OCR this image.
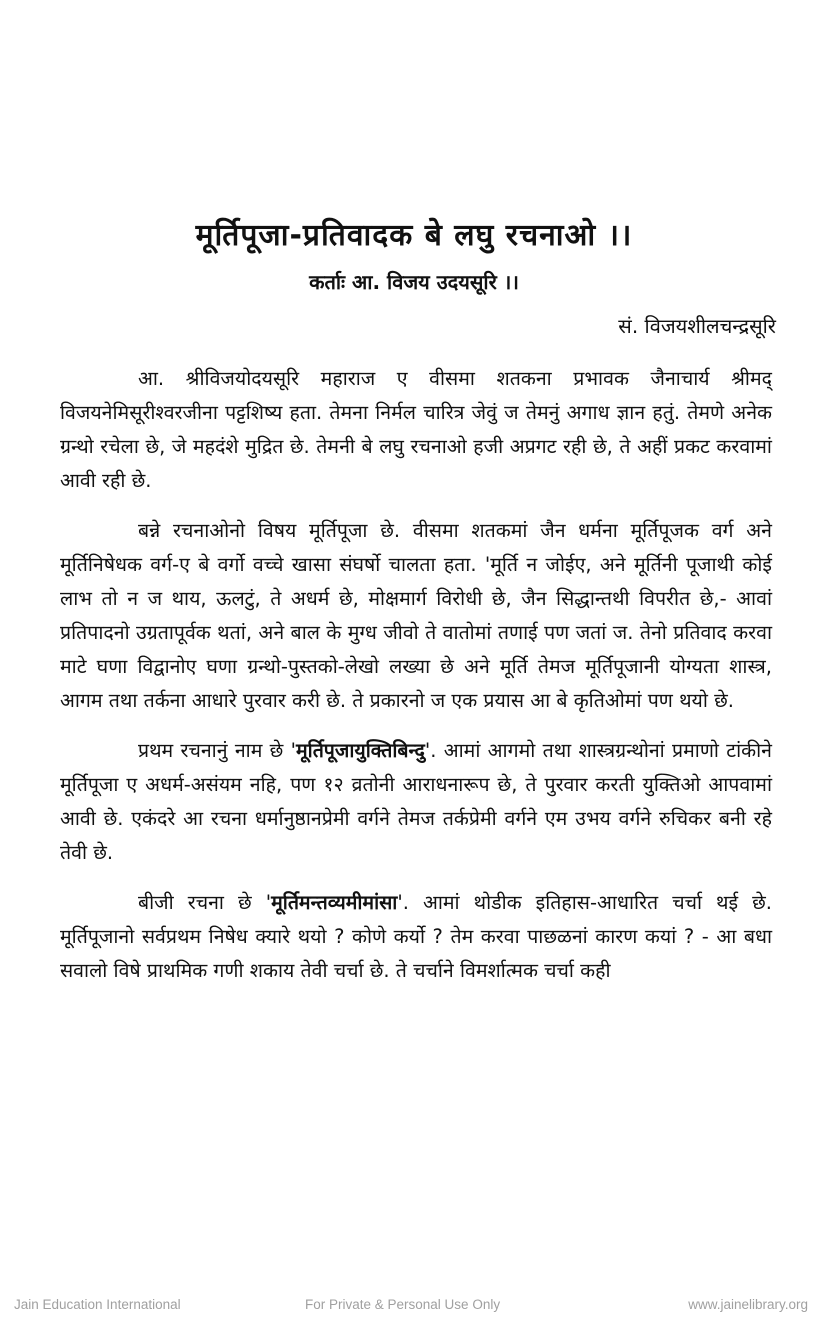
मूर्तिपूजा-प्रतिवादक बे लघु रचनाओ ।।
कर्ताः आ. विजय उदयसूरि ।।
सं. विजयशीलचन्द्रसूरि

आ. श्रीविजयोदयसूरि महाराज ए वीसमा शतकना प्रभावक जैनाचार्य श्रीमद् विजयनेमिसूरीश्वरजीना पट्टशिष्य हता. तेमना निर्मल चारित्र जेवुं ज तेमनुं अगाध ज्ञान हतुं. तेमणे अनेक ग्रन्थो रचेला छे, जे महदंशे मुद्रित छे. तेमनी बे लघु रचनाओ हजी अप्रगट रही छे, ते अहीं प्रकट करवामां आवी रही छे.

बन्ने रचनाओनो विषय मूर्तिपूजा छे. वीसमा शतकमां जैन धर्मना मूर्तिपूजक वर्ग अने मूर्तिनिषेधक वर्ग-ए बे वर्गो वच्चे खासा संघर्षो चालता हता. 'मूर्ति न जोईए, अने मूर्तिनी पूजाथी कोई लाभ तो न ज थाय, ऊलटुं, ते अधर्म छे, मोक्षमार्ग विरोधी छे, जैन सिद्धान्तथी विपरीत छे,- आवां प्रतिपादनो उग्रतापूर्वक थतां, अने बाल के मुग्ध जीवो ते वातोमां तणाई पण जतां ज. तेनो प्रतिवाद करवा माटे घणा विद्वानोए घणा ग्रन्थो-पुस्तको-लेखो लख्या छे अने मूर्ति तेमज मूर्तिपूजानी योग्यता शास्त्र, आगम तथा तर्कना आधारे पुरवार करी छे. ते प्रकारनो ज एक प्रयास आ बे कृतिओमां पण थयो छे.

प्रथम रचनानुं नाम छे 'मूर्तिपूजायुक्तिबिन्दु'. आमां आगमो तथा शास्त्रग्रन्थोनां प्रमाणो टांकीने मूर्तिपूजा ए अधर्म-असंयम नहि, पण १२ व्रतोनी आराधनारूप छे, ते पुरवार करती युक्तिओ आपवामां आवी छे. एकंदरे आ रचना धर्मानुष्ठानप्रेमी वर्गने तेमज तर्कप्रेमी वर्गने एम उभय वर्गने रुचिकर बनी रहे तेवी छे.

बीजी रचना छे 'मूर्तिमन्तव्यमीमांसा'. आमां थोडीक इतिहास-आधारित चर्चा थई छे. मूर्तिपूजानो सर्वप्रथम निषेध क्यारे थयो ? कोणे कर्यो ? तेम करवा पाछळनां कारण कयां ? - आ बधा सवालो विषे प्राथमिक गणी शकाय तेवी चर्चा छे. ते चर्चाने विमर्शात्मक चर्चा कही

Jain Education International	For Private & Personal Use Only	www.jainelibrary.org
